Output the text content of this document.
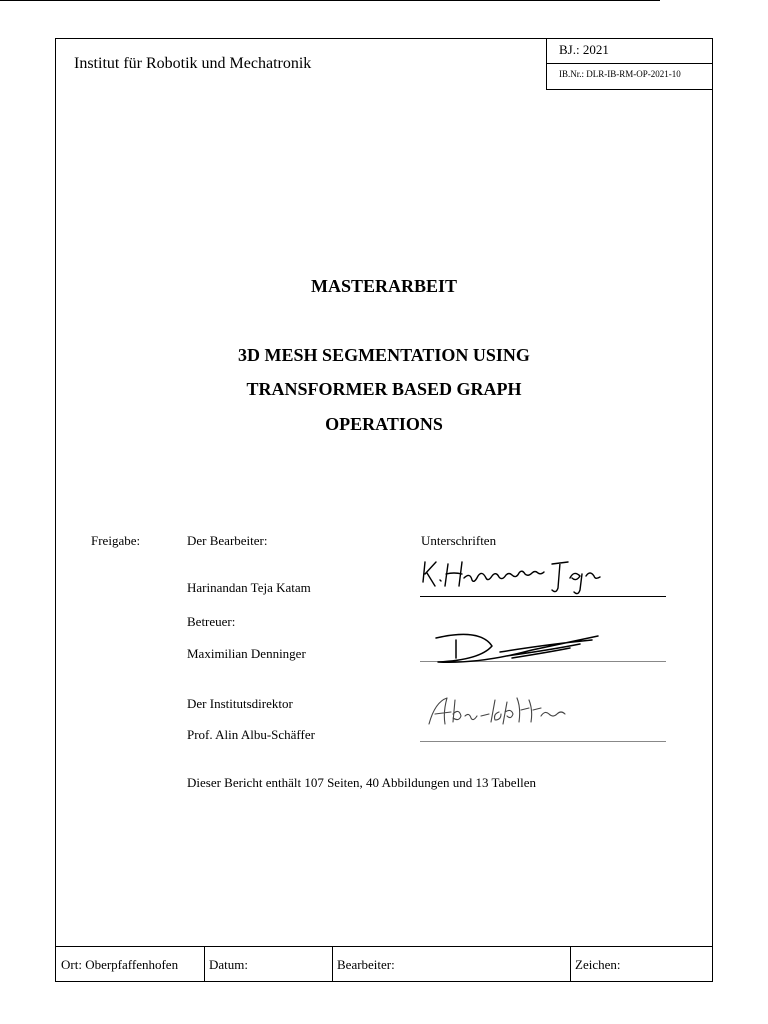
Institut für Robotik und Mechatronik
BJ.: 2021
IB.Nr.: DLR-IB-RM-OP-2021-10
MASTERARBEIT
3D MESH SEGMENTATION USING
TRANSFORMER BASED GRAPH
OPERATIONS
Freigabe:	Der Bearbeiter:	Unterschriften
Harinandan Teja Katam
Betreuer:
Maximilian Denninger
Der Institutsdirektor
Prof. Alin Albu-Schäffer
Dieser Bericht enthält 107 Seiten, 40 Abbildungen und 13 Tabellen
Ort: Oberpfaffenhofen Datum:	Bearbeiter:	Zeichen:
